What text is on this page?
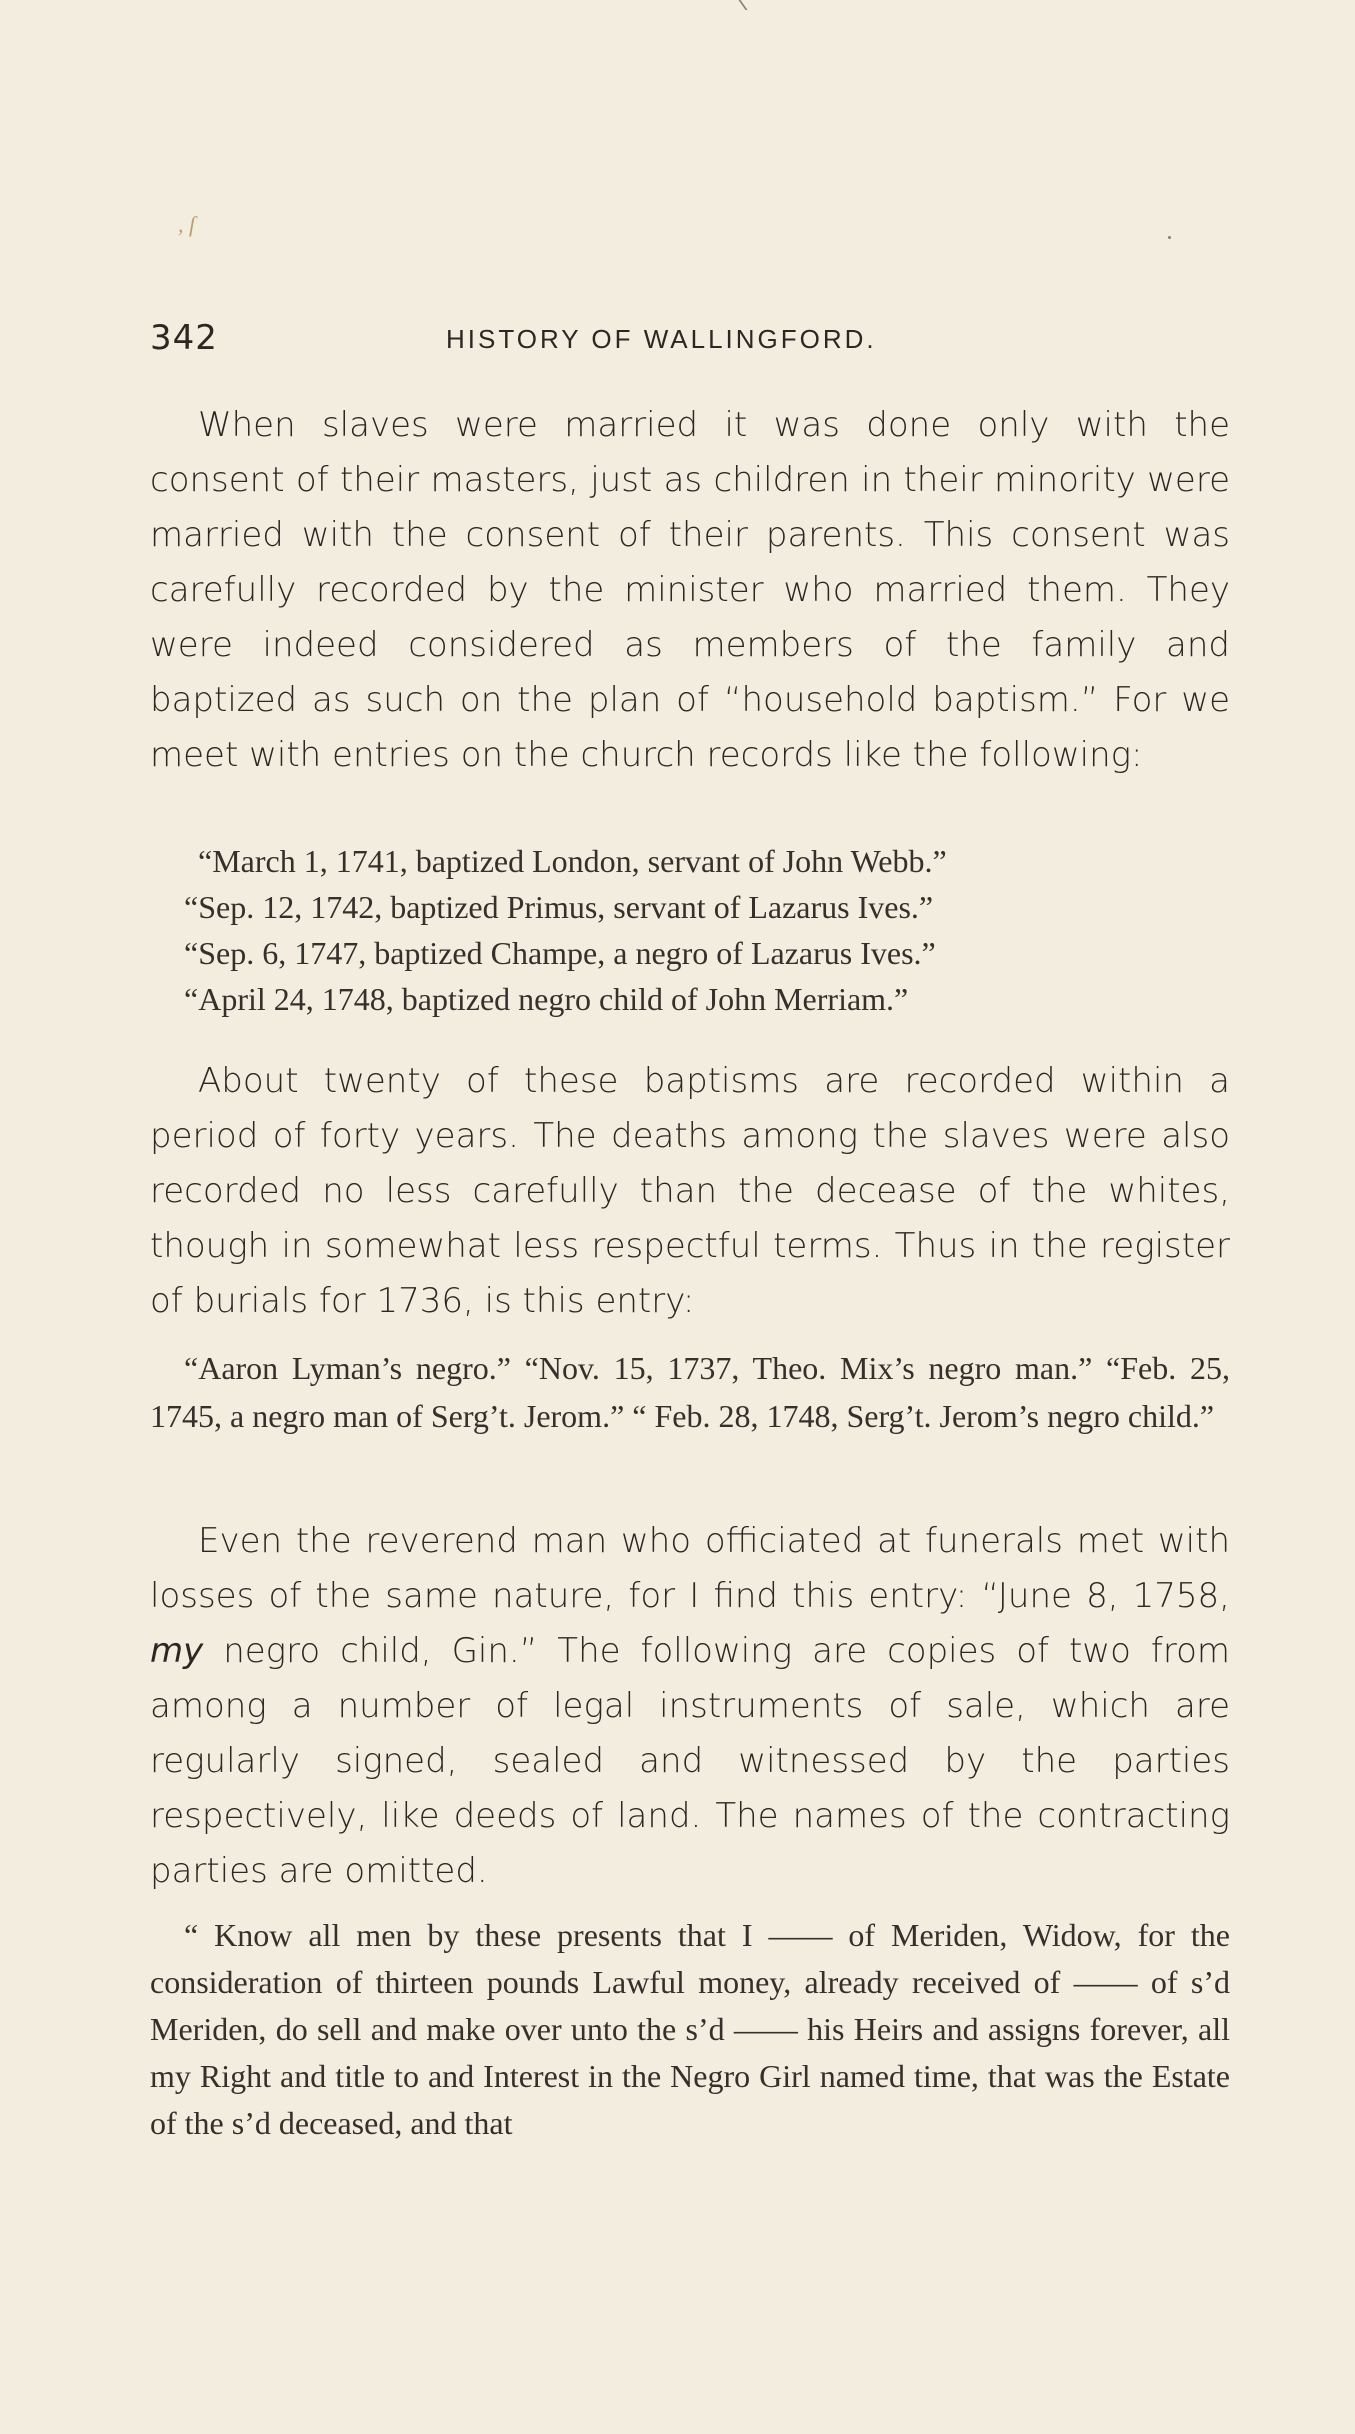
, ſ
342	HISTORY OF WALLINGFORD.

When slaves were married it was done only with the consent of their masters, just as children in their minority were married with the consent of their parents. This consent was carefully recorded by the minister who married them. They were indeed considered as members of the family and baptized as such on the plan of “household baptism.” For we meet with entries on the church records like the following:

“March 1, 1741, baptized London, servant of John Webb.”
“Sep. 12, 1742, baptized Primus, servant of Lazarus Ives.”
“Sep. 6, 1747, baptized Champe, a negro of Lazarus Ives.”
“April 24, 1748, baptized negro child of John Merriam.”

About twenty of these baptisms are recorded within a period of forty years. The deaths among the slaves were also recorded no less carefully than the decease of the whites, though in somewhat less respectful terms. Thus in the register of burials for 1736, is this entry:

“Aaron Lyman’s negro.” “Nov. 15, 1737, Theo. Mix’s negro man.” “Feb. 25, 1745, a negro man of Serg’t. Jerom.” “ Feb. 28, 1748, Serg’t. Jerom’s negro child.”

Even the reverend man who officiated at funerals met with losses of the same nature, for I find this entry: “June 8, 1758, my negro child, Gin.” The following are copies of two from among a number of legal instruments of sale, which are regularly signed, sealed and witnessed by the parties respectively, like deeds of land. The names of the contracting parties are omitted.

“ Know all men by these presents that I ―― of Meriden, Widow, for the consideration of thirteen pounds Lawful money, already received of ―― of s’d Meriden, do sell and make over unto the s’d ―― his Heirs and assigns forever, all my Right and title to and Interest in the Negro Girl named time, that was the Estate of the s’d deceased, and that
